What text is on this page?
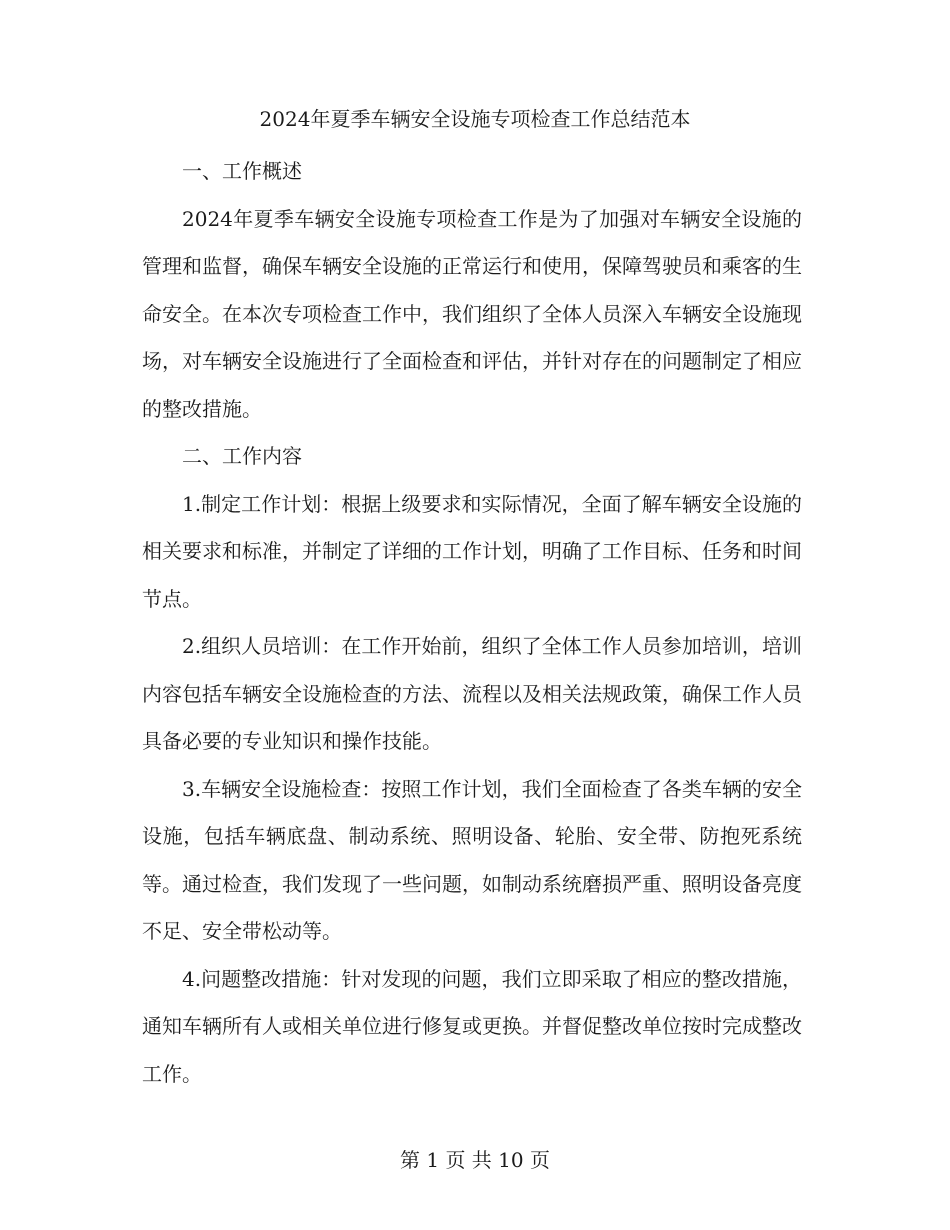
2024年夏季车辆安全设施专项检查工作总结范本

一、工作概述

2024年夏季车辆安全设施专项检查工作是为了加强对车辆安全设施的管理和监督，确保车辆安全设施的正常运行和使用，保障驾驶员和乘客的生命安全。在本次专项检查工作中，我们组织了全体人员深入车辆安全设施现场，对车辆安全设施进行了全面检查和评估，并针对存在的问题制定了相应的整改措施。

二、工作内容

1.制定工作计划：根据上级要求和实际情况，全面了解车辆安全设施的相关要求和标准，并制定了详细的工作计划，明确了工作目标、任务和时间节点。

2.组织人员培训：在工作开始前，组织了全体工作人员参加培训，培训内容包括车辆安全设施检查的方法、流程以及相关法规政策，确保工作人员具备必要的专业知识和操作技能。

3.车辆安全设施检查：按照工作计划，我们全面检查了各类车辆的安全设施，包括车辆底盘、制动系统、照明设备、轮胎、安全带、防抱死系统等。通过检查，我们发现了一些问题，如制动系统磨损严重、照明设备亮度不足、安全带松动等。

4.问题整改措施：针对发现的问题，我们立即采取了相应的整改措施，通知车辆所有人或相关单位进行修复或更换。并督促整改单位按时完成整改工作。

第 1 页 共 10 页
